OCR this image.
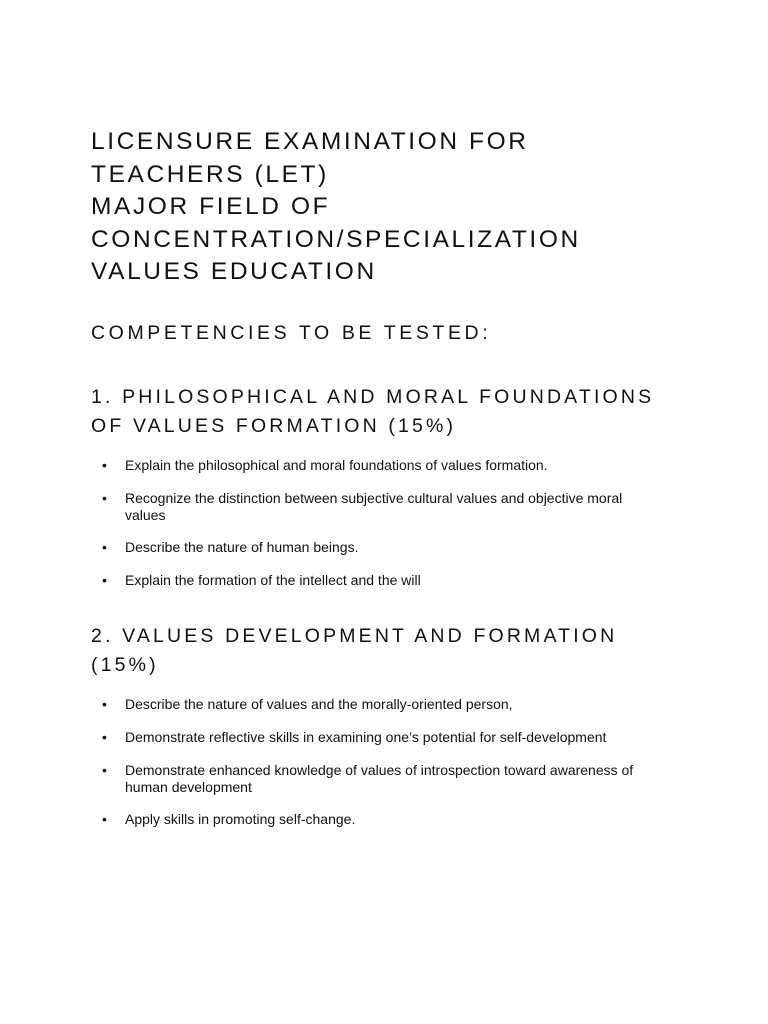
LICENSURE EXAMINATION FOR
TEACHERS (LET)
MAJOR FIELD OF
CONCENTRATION/SPECIALIZATION
VALUES EDUCATION
COMPETENCIES TO BE TESTED:
1. PHILOSOPHICAL AND MORAL FOUNDATIONS
OF VALUES FORMATION (15%)
• Explain the philosophical and moral foundations of values formation.
• Recognize the distinction between subjective cultural values and objective moral
values
• Describe the nature of human beings.
• Explain the formation of the intellect and the will
2. VALUES DEVELOPMENT AND FORMATION
(15%)
• Describe the nature of values and the morally-oriented person,
• Demonstrate reflective skills in examining one’s potential for self-development
• Demonstrate enhanced knowledge of values of introspection toward awareness of
human development
• Apply skills in promoting self-change.
